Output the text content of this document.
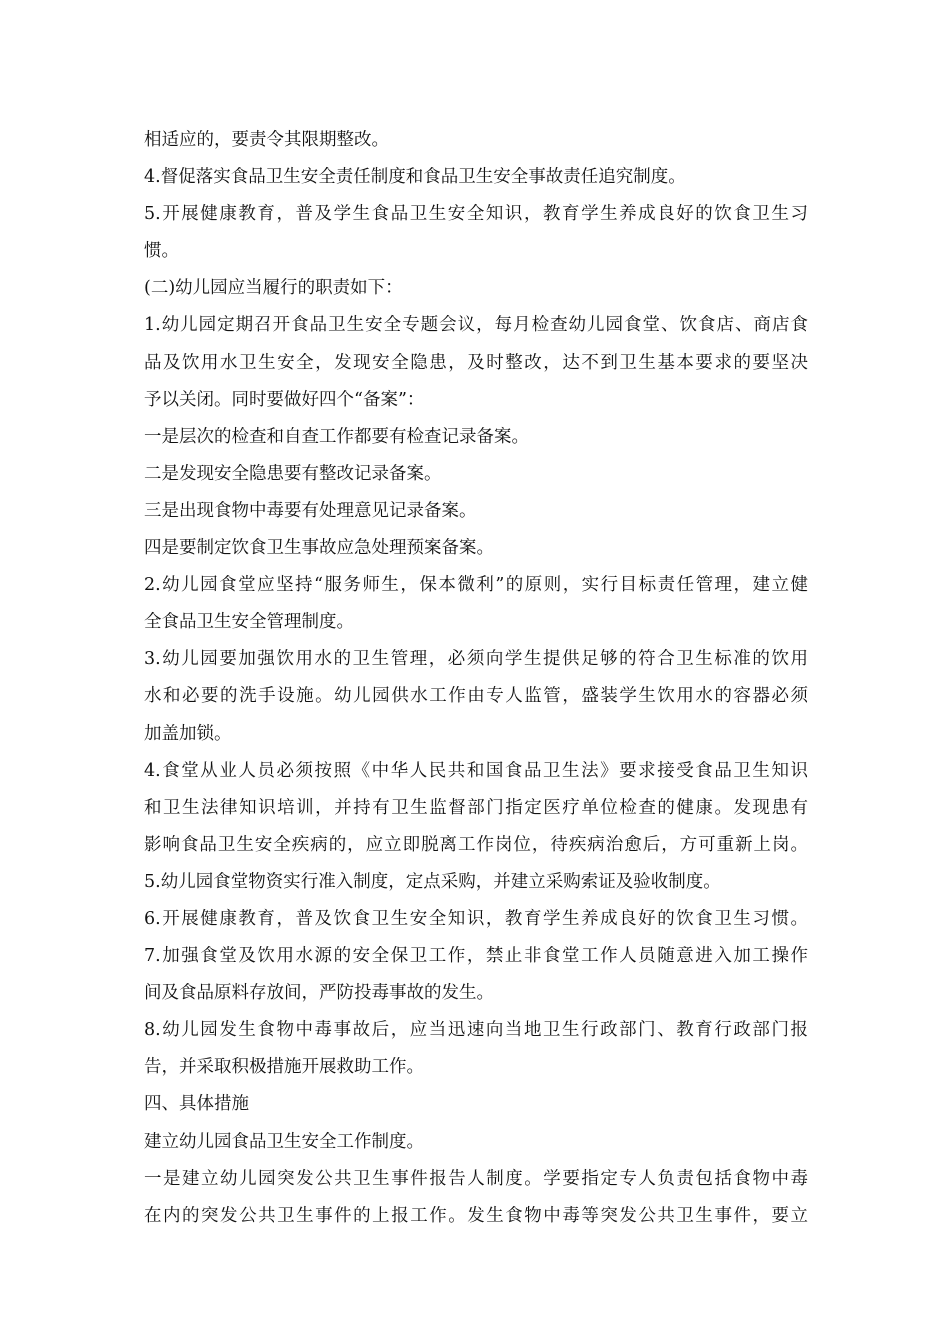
相适应的，要责令其限期整改。
4.督促落实食品卫生安全责任制度和食品卫生安全事故责任追究制度。
5.开展健康教育，普及学生食品卫生安全知识，教育学生养成良好的饮食卫生习
惯。
(二)幼儿园应当履行的职责如下：
1.幼儿园定期召开食品卫生安全专题会议，每月检查幼儿园食堂、饮食店、商店食
品及饮用水卫生安全，发现安全隐患，及时整改，达不到卫生基本要求的要坚决
予以关闭。同时要做好四个“备案”：
一是层次的检查和自查工作都要有检查记录备案。
二是发现安全隐患要有整改记录备案。
三是出现食物中毒要有处理意见记录备案。
四是要制定饮食卫生事故应急处理预案备案。
2.幼儿园食堂应坚持“服务师生，保本微利”的原则，实行目标责任管理，建立健
全食品卫生安全管理制度。
3.幼儿园要加强饮用水的卫生管理，必须向学生提供足够的符合卫生标准的饮用
水和必要的洗手设施。幼儿园供水工作由专人监管，盛装学生饮用水的容器必须
加盖加锁。
4.食堂从业人员必须按照《中华人民共和国食品卫生法》要求接受食品卫生知识
和卫生法律知识培训，并持有卫生监督部门指定医疗单位检查的健康。发现患有
影响食品卫生安全疾病的，应立即脱离工作岗位，待疾病治愈后，方可重新上岗。
5.幼儿园食堂物资实行准入制度，定点采购，并建立采购索证及验收制度。
6.开展健康教育，普及饮食卫生安全知识，教育学生养成良好的饮食卫生习惯。
7.加强食堂及饮用水源的安全保卫工作，禁止非食堂工作人员随意进入加工操作
间及食品原料存放间，严防投毒事故的发生。
8.幼儿园发生食物中毒事故后，应当迅速向当地卫生行政部门、教育行政部门报
告，并采取积极措施开展救助工作。
四、具体措施
建立幼儿园食品卫生安全工作制度。
一是建立幼儿园突发公共卫生事件报告人制度。学要指定专人负责包括食物中毒
在内的突发公共卫生事件的上报工作。发生食物中毒等突发公共卫生事件，要立
